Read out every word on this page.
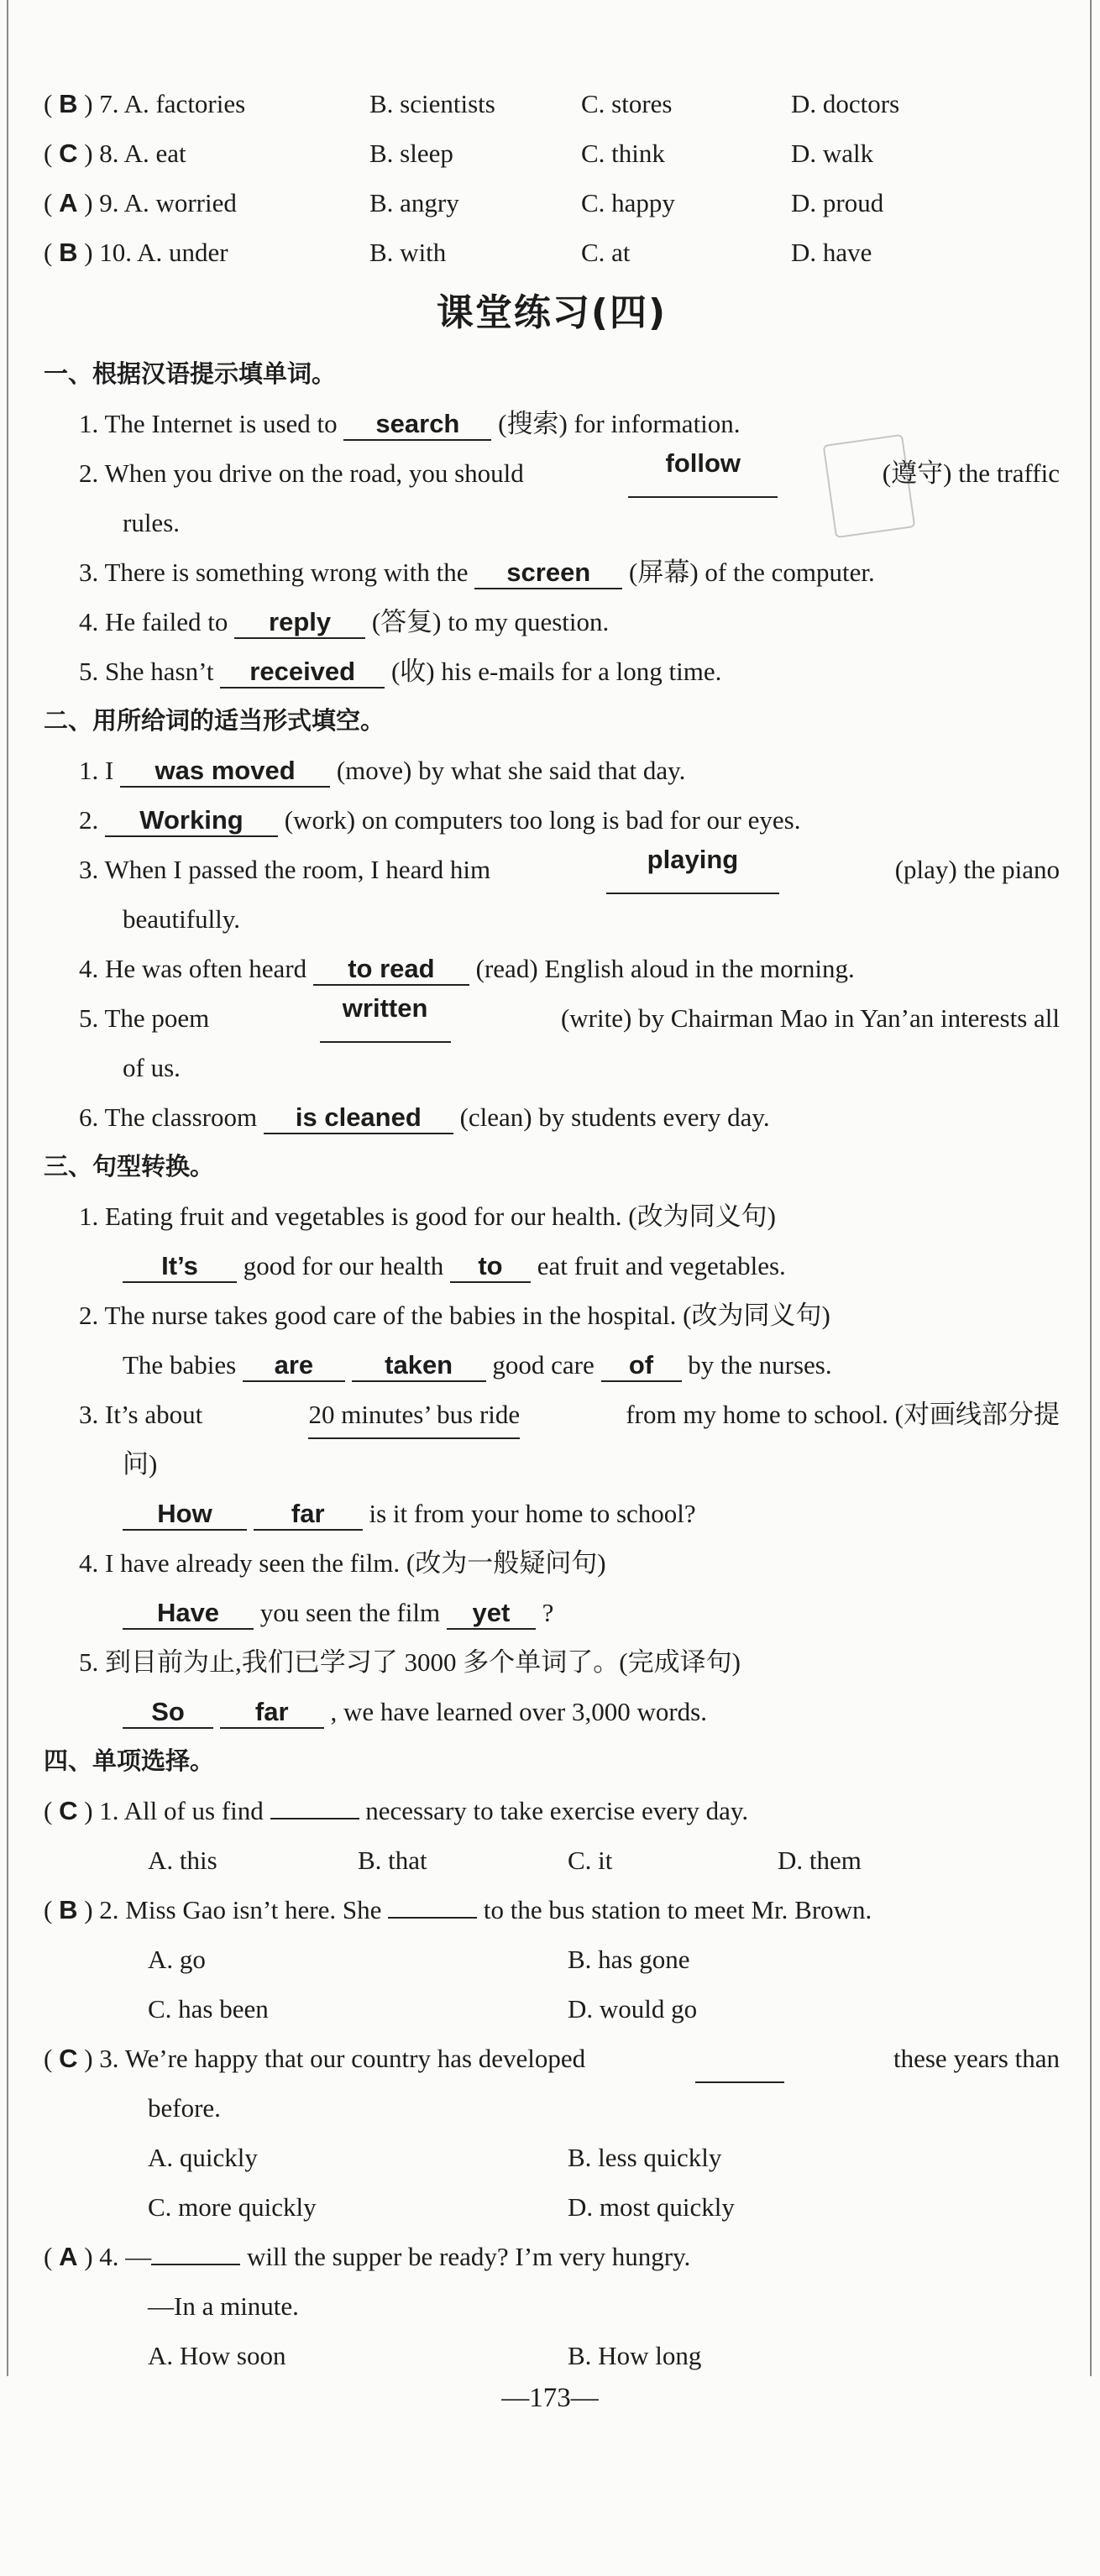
( B ) 7. A. factories	B. scientists	C. stores	D. doctors
( C ) 8. A. eat	B. sleep	C. think	D. walk
( A ) 9. A. worried	B. angry	C. happy	D. proud
( B ) 10. A. under	B. with	C. at	D. have
课堂练习(四)
一、根据汉语提示填单词。
1. The Internet is used to search (搜索) for information.
2. When you drive on the road, you should	follow	(遵守) the traffic
rules.
3. There is something wrong with the screen (屏幕) of the computer.
4. He failed to reply (答复) to my question.
5. She hasn’t received (收) his e-mails for a long time.
二、用所给词的适当形式填空。
1. I was moved (move) by what she said that day.
2. Working (work) on computers too long is bad for our eyes.
3. When I passed the room, I heard him	playing	(play) the piano
beautifully.
4. He was often heard to read (read) English aloud in the morning.
5. The poem	written	(write) by Chairman Mao in Yan’an interests all
of us.
6. The classroom is cleaned (clean) by students every day.
三、句型转换。
1. Eating fruit and vegetables is good for our health. (改为同义句)
It’s good for our health to eat fruit and vegetables.
2. The nurse takes good care of the babies in the hospital. (改为同义句)
The babies are	taken good care of by the nurses.
3. It’s about	20 minutes’ bus ride	from my home to school. (对画线部分提
问)
How	far is it from your home to school?
4. I have already seen the film. (改为一般疑问句)
Have you seen the film yet ?
5. 到目前为止,我们已学习了 3000 多个单词了。(完成译句)
So	far , we have learned over 3,000 words.
四、单项选择。
( C ) 1. All of us find	necessary to take exercise every day.
A. this	B. that	C. it	D. them
( B ) 2. Miss Gao isn’t here. She	to the bus station to meet Mr. Brown.
A. go	B. has gone
C. has been	D. would go
( C ) 3. We’re happy that our country has developed	these years than
before.
A. quickly	B. less quickly
C. more quickly	D. most quickly
( A ) 4. —	will the supper be ready? I’m very hungry.
—In a minute.
A. How soon	B. How long
—173—
